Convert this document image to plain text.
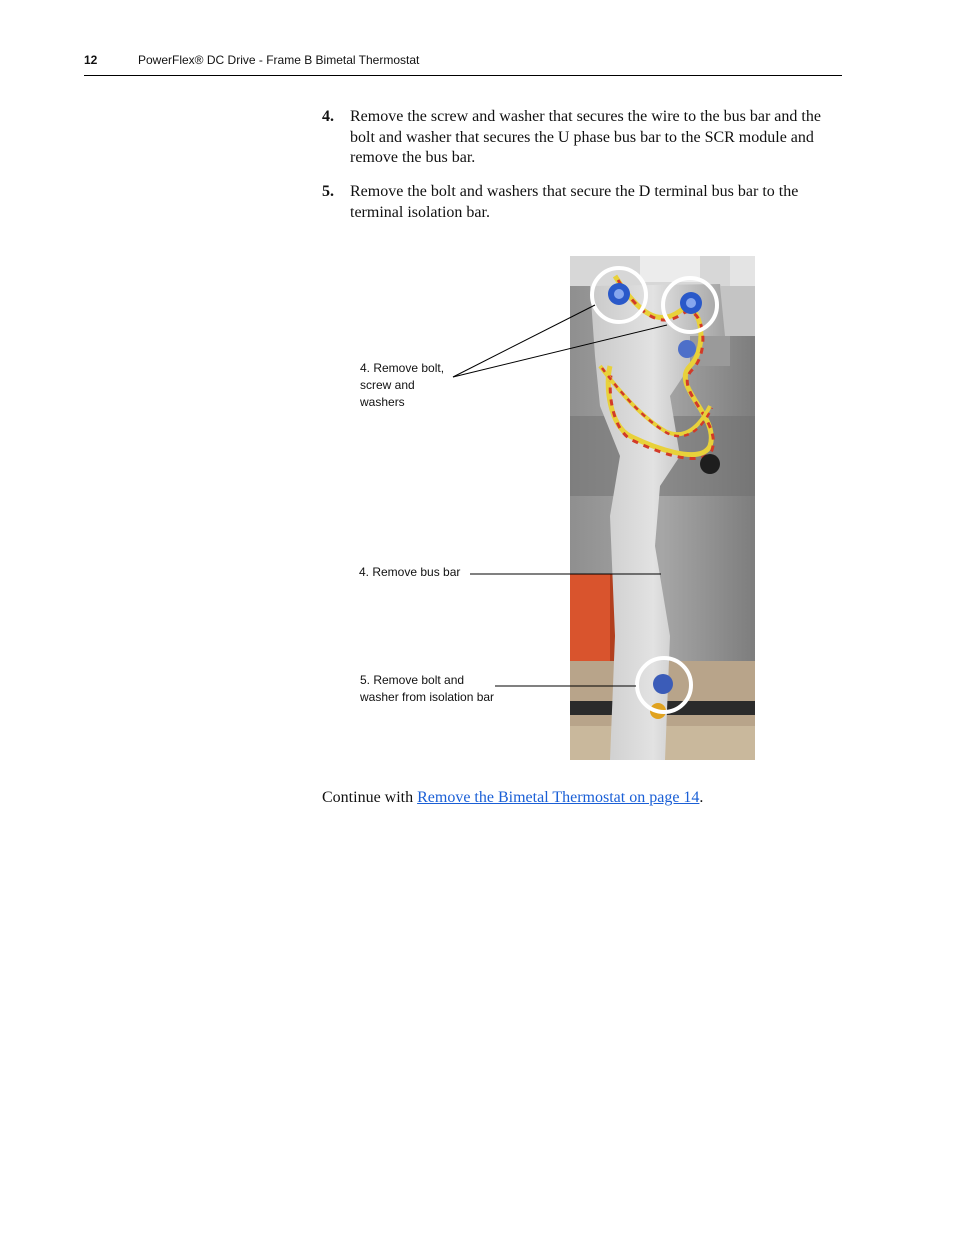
12	PowerFlex® DC Drive - Frame B Bimetal Thermostat
4. Remove the screw and washer that secures the wire to the bus bar and the bolt and washer that secures the U phase bus bar to the SCR module and remove the bus bar.
5. Remove the bolt and washers that secure the D terminal bus bar to the terminal isolation bar.
4. Remove bolt, screw and washers
4. Remove bus bar
5. Remove bolt and washer from isolation bar
Continue with Remove the Bimetal Thermostat on page 14.
